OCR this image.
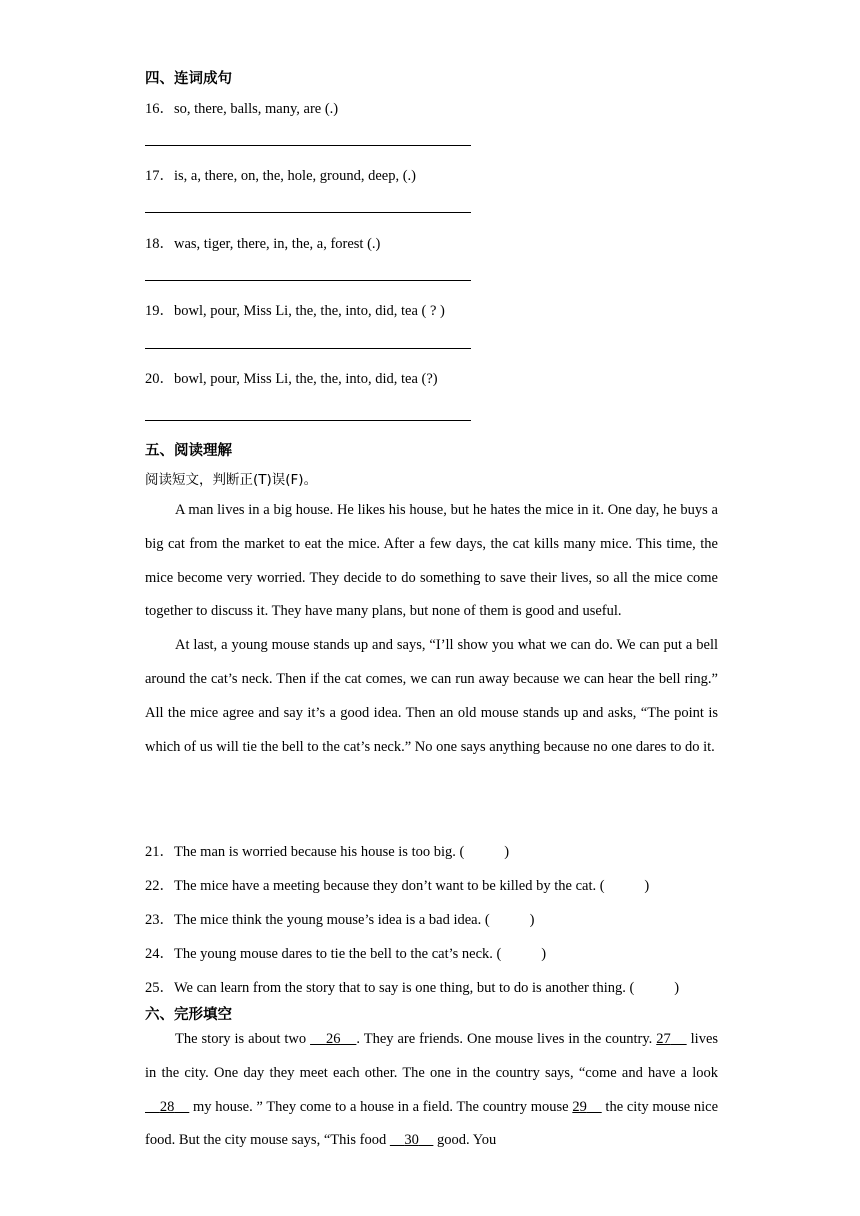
四、连词成句
16．so, there, balls, many, are (.)
17．is, a, there, on, the, hole, ground, deep, (.)
18．was, tiger, there, in, the, a, forest (.)
19．bowl, pour, Miss Li, the, the, into, did, tea ( ? )
20．bowl, pour, Miss Li, the, the, into, did, tea (?)
五、阅读理解
阅读短文，判断正(T)误(F)。

A man lives in a big house. He likes his house, but he hates the mice in it. One day, he buys a big cat from the market to eat the mice. After a few days, the cat kills many mice. This time, the mice become very worried. They decide to do something to save their lives, so all the mice come together to discuss it. They have many plans, but none of them is good and useful.

At last, a young mouse stands up and says, “I’ll show you what we can do. We can put a bell around the cat’s neck. Then if the cat comes, we can run away because we can hear the bell ring.” All the mice agree and say it’s a good idea. Then an old mouse stands up and asks, “The point is which of us will tie the bell to the cat’s neck.” No one says anything because no one dares to do it.

21．The man is worried because his house is too big. (	)
22．The mice have a meeting because they don’t want to be killed by the cat. (	)
23．The mice think the young mouse’s idea is a bad idea. (	)
24．The young mouse dares to tie the bell to the cat’s neck. (	)
25．We can learn from the story that to say is one thing, but to do is another thing. (	)
六、完形填空

The story is about two     26 . They are friends. One mouse lives in the country. 27     lives in the city. One day they meet each other. The one in the country says, “come and have a look     28     my house. ” They come to a house in a field. The country mouse 29     the city mouse nice food. But the city mouse says, “This food     30     good. You
